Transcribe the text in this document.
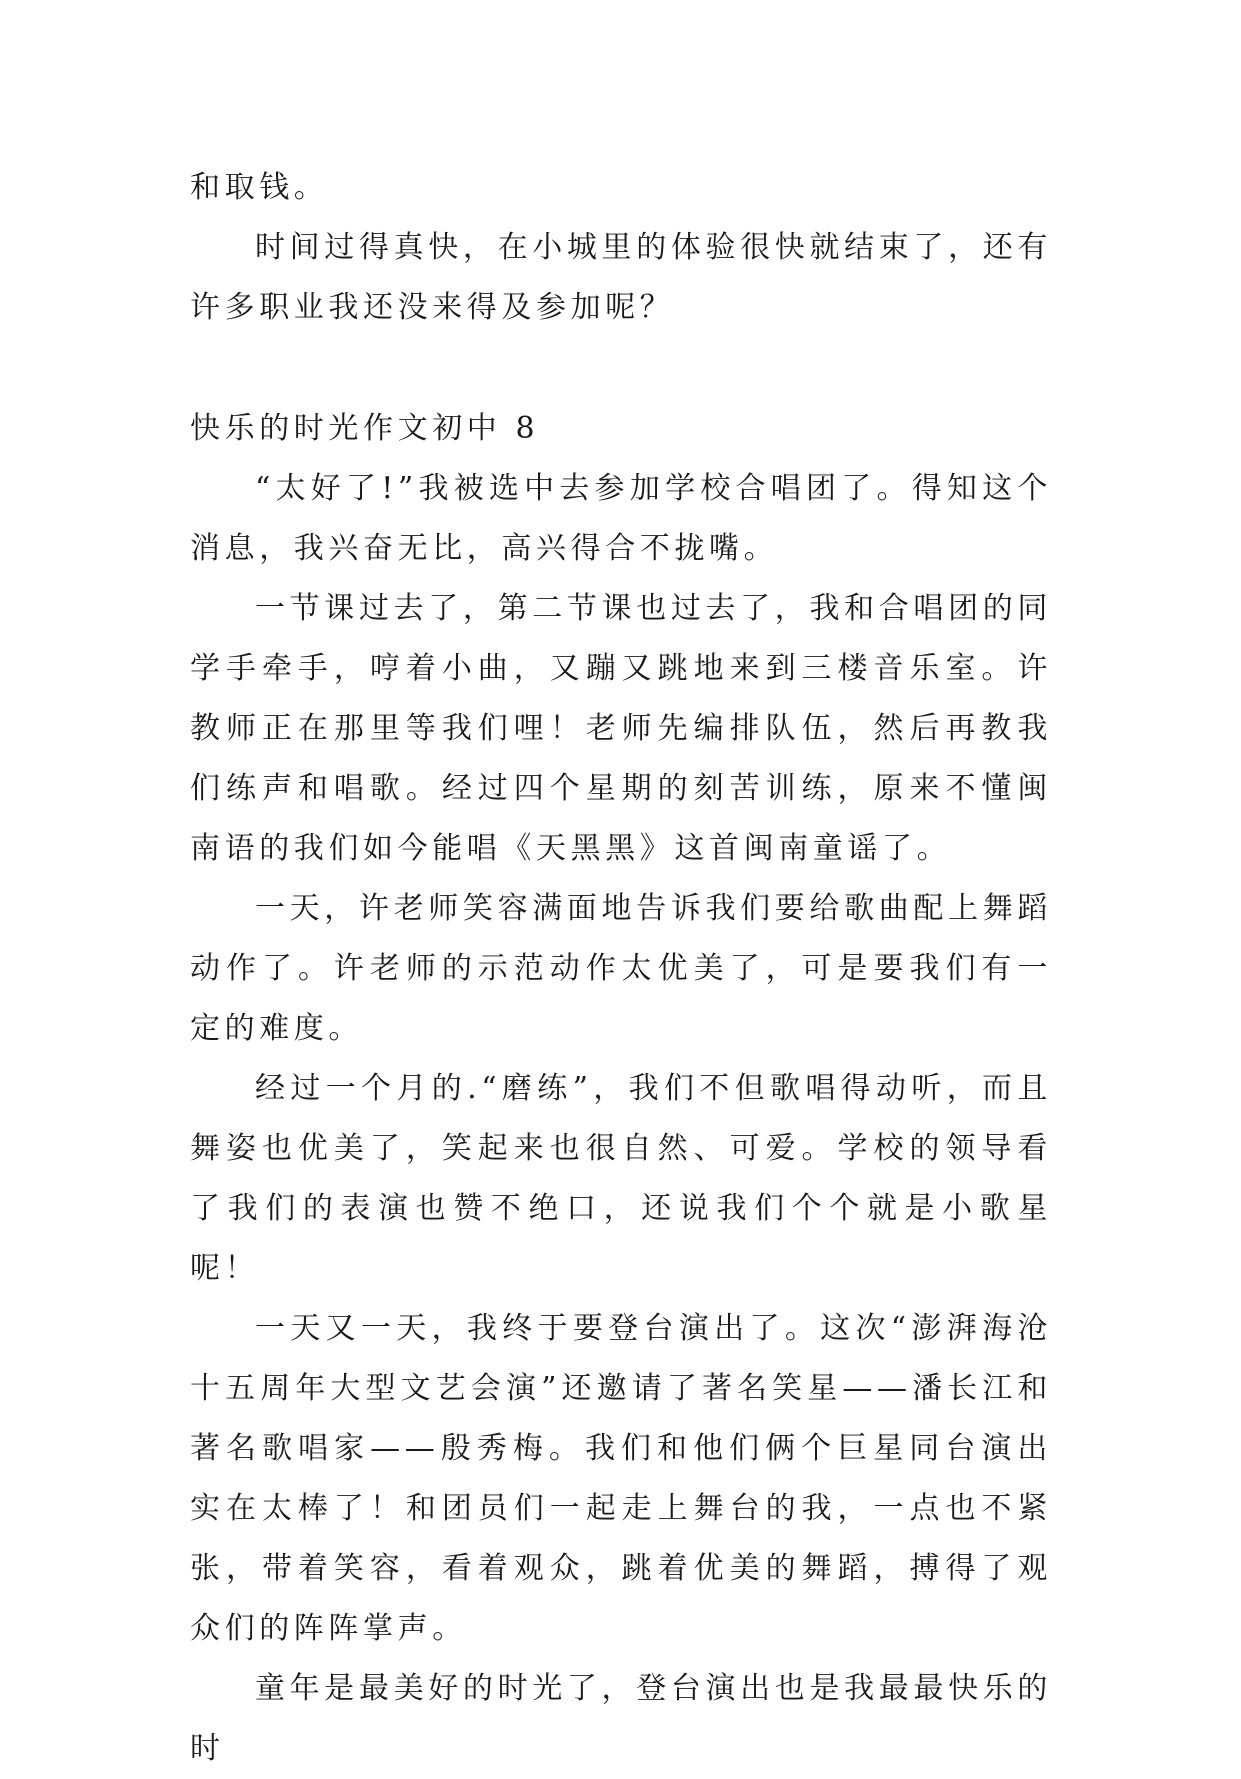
和取钱。

时间过得真快，在小城里的体验很快就结束了，还有许多职业我还没来得及参加呢？

快乐的时光作文初中 8

“太好了!”我被选中去参加学校合唱团了。得知这个消息，我兴奋无比，高兴得合不拢嘴。

一节课过去了，第二节课也过去了，我和合唱团的同学手牵手，哼着小曲，又蹦又跳地来到三楼音乐室。许教师正在那里等我们哩！老师先编排队伍，然后再教我们练声和唱歌。经过四个星期的刻苦训练，原来不懂闽南语的我们如今能唱《天黑黑》这首闽南童谣了。

一天，许老师笑容满面地告诉我们要给歌曲配上舞蹈动作了。许老师的示范动作太优美了，可是要我们有一定的难度。

经过一个月的.“磨练”，我们不但歌唱得动听，而且舞姿也优美了，笑起来也很自然、可爱。学校的领导看了我们的表演也赞不绝口，还说我们个个就是小歌星呢！

一天又一天，我终于要登台演出了。这次“澎湃海沧十五周年大型文艺会演”还邀请了著名笑星——潘长江和著名歌唱家——殷秀梅。我们和他们俩个巨星同台演出实在太棒了！和团员们一起走上舞台的我，一点也不紧张，带着笑容，看着观众，跳着优美的舞蹈，搏得了观众们的阵阵掌声。

童年是最美好的时光了，登台演出也是我最最快乐的时
